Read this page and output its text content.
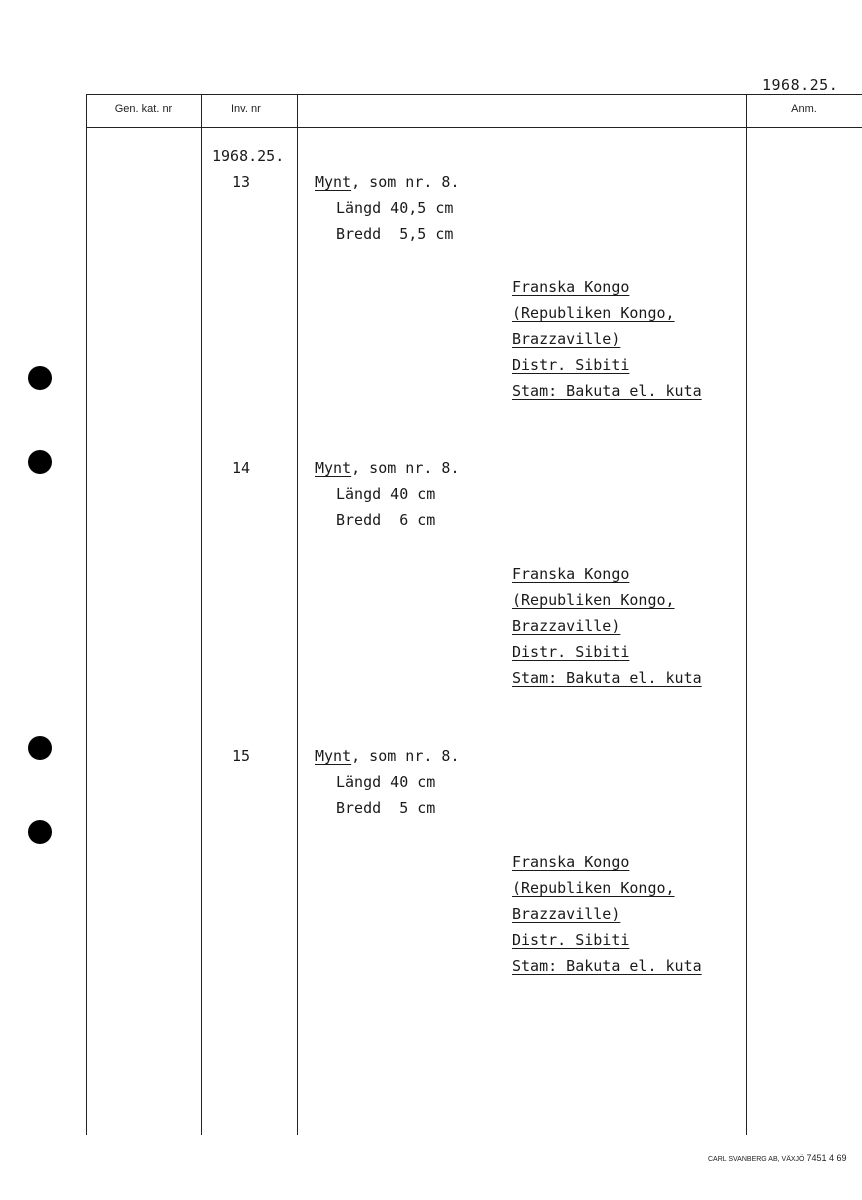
1968.25.
Gen. kat. nr	Inv. nr	Anm.
1968.25.
13	Mynt, som nr. 8.
Längd 40,5 cm
Bredd  5,5 cm
Franska Kongo
(Republiken Kongo,
Brazzaville)
Distr. Sibiti
Stam: Bakuta el. kuta
14	Mynt, som nr. 8.
Längd 40 cm
Bredd  6 cm
Franska Kongo
(Republiken Kongo,
Brazzaville)
Distr. Sibiti
Stam: Bakuta el. kuta
15	Mynt, som nr. 8.
Längd 40 cm
Bredd  5 cm
Franska Kongo
(Republiken Kongo,
Brazzaville)
Distr. Sibiti
Stam: Bakuta el. kuta
CARL SVANBERG AB, VÄXJÖ 7451 4 69
